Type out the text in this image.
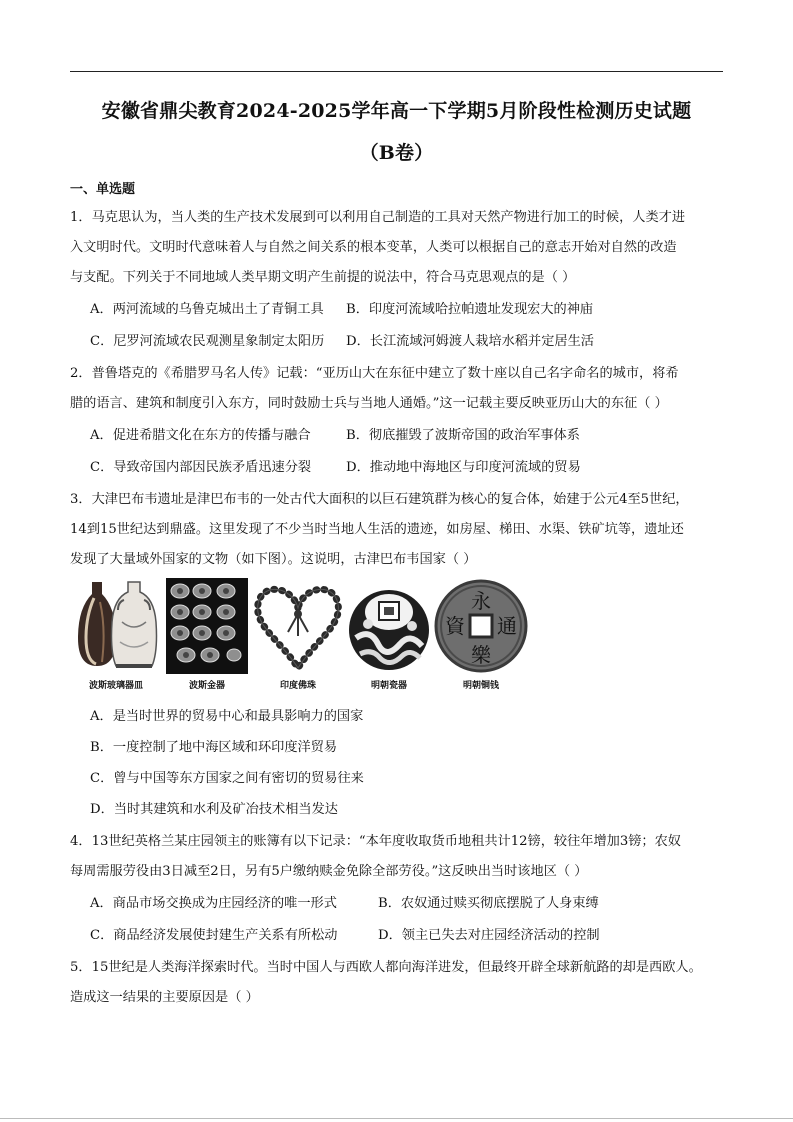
安徽省鼎尖教育2024-2025学年高一下学期5月阶段性检测历史试题
（B卷）
一、单选题
1．马克思认为，当人类的生产技术发展到可以利用自己制造的工具对天然产物进行加工的时候，人类才进
入文明时代。文明时代意味着人与自然之间关系的根本变革，人类可以根据自己的意志开始对自然的改造
与支配。下列关于不同地域人类早期文明产生前提的说法中，符合马克思观点的是（ ）
A．两河流域的乌鲁克城出土了青铜工具 B．印度河流域哈拉帕遗址发现宏大的神庙
C．尼罗河流域农民观测星象制定太阳历 D．长江流域河姆渡人栽培水稻并定居生活
2．普鲁塔克的《希腊罗马名人传》记载：“亚历山大在东征中建立了数十座以自己名字命名的城市，将希
腊的语言、建筑和制度引入东方，同时鼓励士兵与当地人通婚。”这一记载主要反映亚历山大的东征（ ）
A．促进希腊文化在东方的传播与融合	B．彻底摧毁了波斯帝国的政治军事体系
C．导致帝国内部因民族矛盾迅速分裂	D．推动地中海地区与印度河流域的贸易
3．大津巴布韦遗址是津巴布韦的一处古代大面积的以巨石建筑群为核心的复合体，始建于公元4至5世纪，
14到15世纪达到鼎盛。这里发现了不少当时当地人生活的遗迹，如房屋、梯田、水渠、铁矿坑等，遗址还
发现了大量域外国家的文物（如下图）。这说明，古津巴布韦国家（ ）
永
通
樂
資
波斯玻璃器皿	波斯金器	印度佛珠	明朝瓷器	明朝铜钱
A．是当时世界的贸易中心和最具影响力的国家
B．一度控制了地中海区域和环印度洋贸易
C．曾与中国等东方国家之间有密切的贸易往来
D．当时其建筑和水利及矿冶技术相当发达
4．13世纪英格兰某庄园领主的账簿有以下记录：“本年度收取货币地租共计12镑，较往年增加3镑；农奴
每周需服劳役由3日减至2日，另有5户缴纳赎金免除全部劳役。”这反映出当时该地区（ ）
A．商品市场交换成为庄园经济的唯一形式	B．农奴通过赎买彻底摆脱了人身束缚
C．商品经济发展使封建生产关系有所松动	D．领主已失去对庄园经济活动的控制
5．15世纪是人类海洋探索时代。当时中国人与西欧人都向海洋进发，但最终开辟全球新航路的却是西欧人。
造成这一结果的主要原因是（ ）
